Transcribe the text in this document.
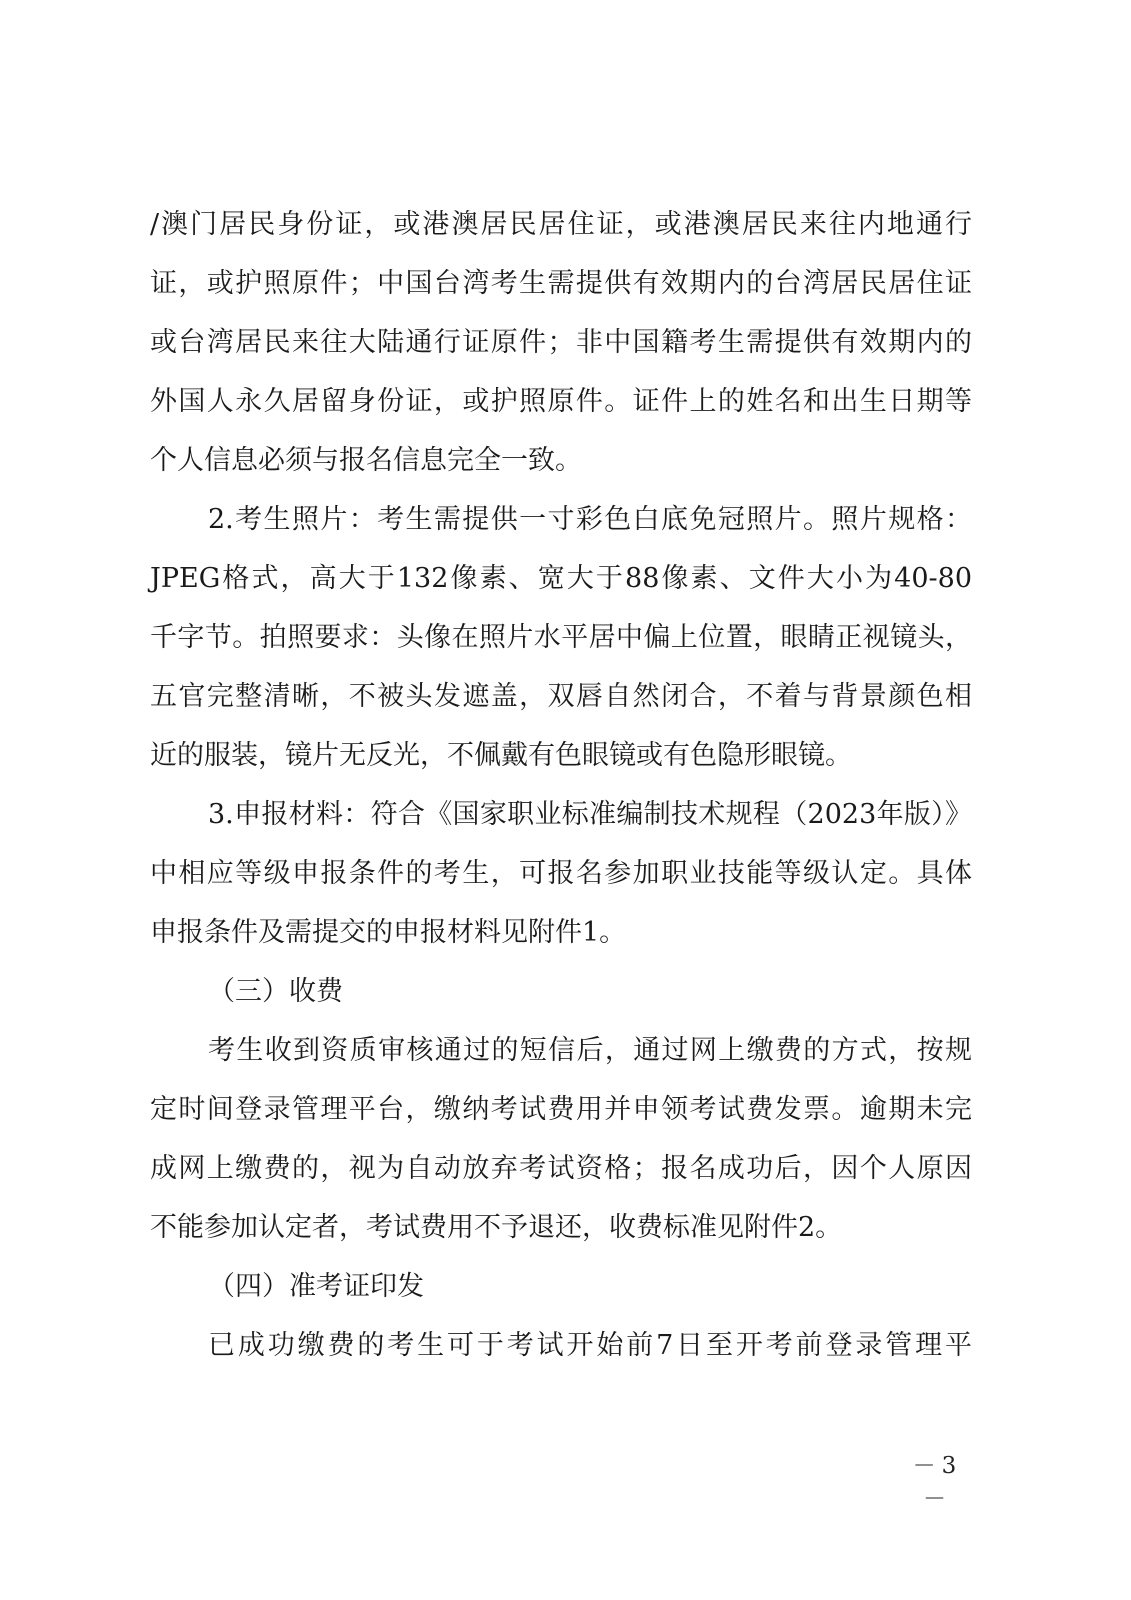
/澳门居民身份证，或港澳居民居住证，或港澳居民来往内地通行
证，或护照原件；中国台湾考生需提供有效期内的台湾居民居住证
或台湾居民来往大陆通行证原件；非中国籍考生需提供有效期内的
外国人永久居留身份证，或护照原件。证件上的姓名和出生日期等
个人信息必须与报名信息完全一致。
2.考生照片：考生需提供一寸彩色白底免冠照片。照片规格：
JPEG格式，高大于132像素、宽大于88像素、文件大小为40-80
千字节。拍照要求：头像在照片水平居中偏上位置，眼睛正视镜头，
五官完整清晰，不被头发遮盖，双唇自然闭合，不着与背景颜色相
近的服装，镜片无反光，不佩戴有色眼镜或有色隐形眼镜。
3.申报材料：符合《国家职业标准编制技术规程（2023年版）》
中相应等级申报条件的考生，可报名参加职业技能等级认定。具体
申报条件及需提交的申报材料见附件1。
（三）收费
考生收到资质审核通过的短信后，通过网上缴费的方式，按规
定时间登录管理平台，缴纳考试费用并申领考试费发票。逾期未完
成网上缴费的，视为自动放弃考试资格；报名成功后，因个人原因
不能参加认定者，考试费用不予退还，收费标准见附件2。
（四）准考证印发
已成功缴费的考生可于考试开始前7日至开考前登录管理平
－3－
